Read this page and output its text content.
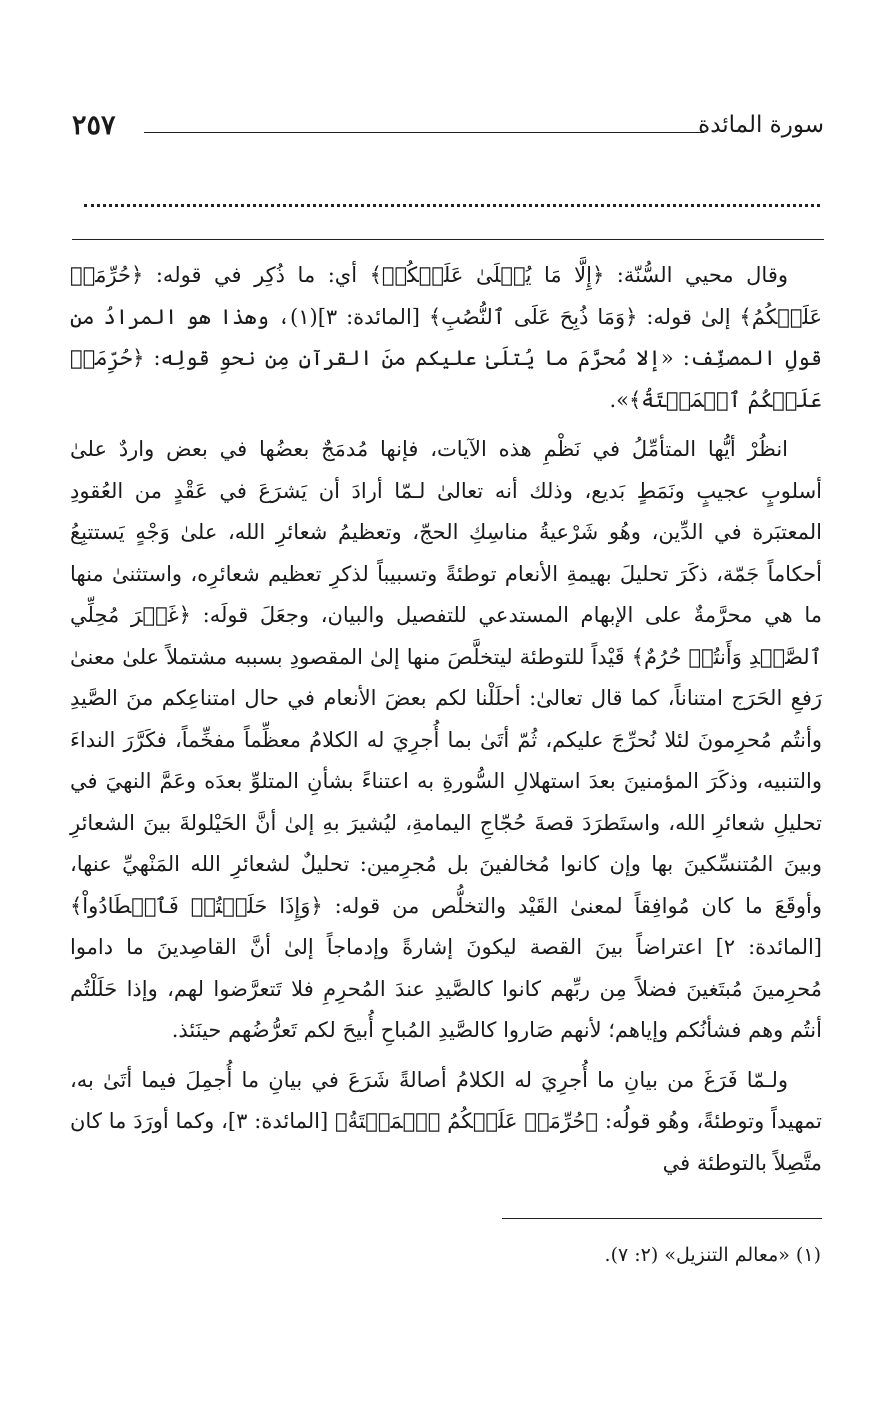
سورة المائدة
٢٥٧

وقال محيي السُّنّة: ﴿إِلَّا مَا يُتۡلَىٰ عَلَيۡكُمۡ﴾ أي: ما ذُكِر في قوله: ﴿حُرِّمَتۡ عَلَيۡكُمُ﴾ إلىٰ قوله: ﴿وَمَا ذُبِحَ عَلَى ٱلنُّصُبِ﴾ [المائدة: ٣](١)، وهذا هو المرادُ من قولِ المصنِّف: «إلا مُحرَّمَ ما يُتلَىٰ عليكم منَ القرآنِ مِن نحوِ قولِه: ﴿حُرِّمَتۡ عَلَيۡكُمُ ٱلۡمَيۡتَةُ﴾».

انظُرْ أيُّها المتأمِّلُ في نَظْمِ هذه الآيات، فإنها مُدمَجٌ بعضُها في بعض واردٌ علىٰ أسلوبٍ عجيبٍ ونَمَطٍ بَديع، وذلك أنه تعالىٰ لـمّا أرادَ أن يَشرَعَ في عَقْدٍ من العُقودِ المعتبَرة في الدِّين، وهُو شَرْعيةُ مناسِكِ الحجّ، وتعظيمُ شعائرِ الله، علىٰ وَجْهٍ يَستتبِعُ أحكاماً جَمّة، ذكَرَ تحليلَ بهيمةِ الأنعام توطئةً وتسبيباً لذكرِ تعظيم شعائرِه، واستثنىٰ منها ما هي محرَّمةٌ على الإبهام المستدعي للتفصيل والبيان، وجعَلَ قولَه: ﴿غَيۡرَ مُحِلِّي ٱلصَّيۡدِ وَأَنتُمۡ حُرُمٌ﴾ قَيْداً للتوطئة ليتخلَّصَ منها إلىٰ المقصودِ بسببه مشتملاً علىٰ معنىٰ رَفعِ الحَرَج امتناناً، كما قال تعالىٰ: أحلَلْنا لكم بعضَ الأنعام في حال امتناعِكم منَ الصَّيدِ وأنتُم مُحرِمونَ لئلا نُحرِّجَ عليكم، ثُمّ أتَىٰ بما أُجرِيَ له الكلامُ معظِّماً مفخِّماً، فكَرَّرَ النداءَ والتنبيه، وذكَرَ المؤمنينَ بعدَ استهلالِ السُّورةِ به اعتناءً بشأنِ المتلوِّ بعدَه وعَمَّ النهيَ في تحليلِ شعائرِ الله، واستَطرَدَ قصةَ حُجّاجِ اليمامةِ، ليُشيرَ بهِ إلىٰ أنَّ الحَيْلولةَ بينَ الشعائرِ وبينَ المُتنسِّكينَ بها وإن كانوا مُخالفينَ بل مُجرِمين: تحليلٌ لشعائرِ الله المَنْهيِّ عنها، وأوقَعَ ما كان مُوافِقاً لمعنىٰ القَيْد والتخلُّص من قوله: ﴿وَإِذَا حَلَلۡتُمۡ فَٱصۡطَادُواْ﴾ [المائدة: ٢] اعتراضاً بينَ القصة ليكونَ إشارةً وإدماجاً إلىٰ أنَّ القاصِدينَ ما داموا مُحرِمينَ مُبتَغينَ فضلاً مِن ربِّهم كانوا كالصَّيدِ عندَ المُحرِمِ فلا تَتعرَّضوا لهم، وإذا حَلَلْتُم أنتُم وهم فشأنُكم وإياهم؛ لأنهم صَاروا كالصَّيدِ المُباحِ أُبيحَ لكم تَعرُّضُهم حينَئذ.

ولـمّا فَرَغَ من بيانِ ما أُجرِيَ له الكلامُ أصالةً شَرَعَ في بيانِ ما أُجمِلَ فيما أتَىٰ به، تمهيداً وتوطئةً، وهُو قولُه: ﴿حُرِّمَتۡ عَلَيۡكُمُ ٱلۡمَيۡتَةُ﴾ [المائدة: ٣]، وكما أورَدَ ما كان متَّصِلاً بالتوطئة في

(١) «معالم التنزيل» (٢: ٧).
